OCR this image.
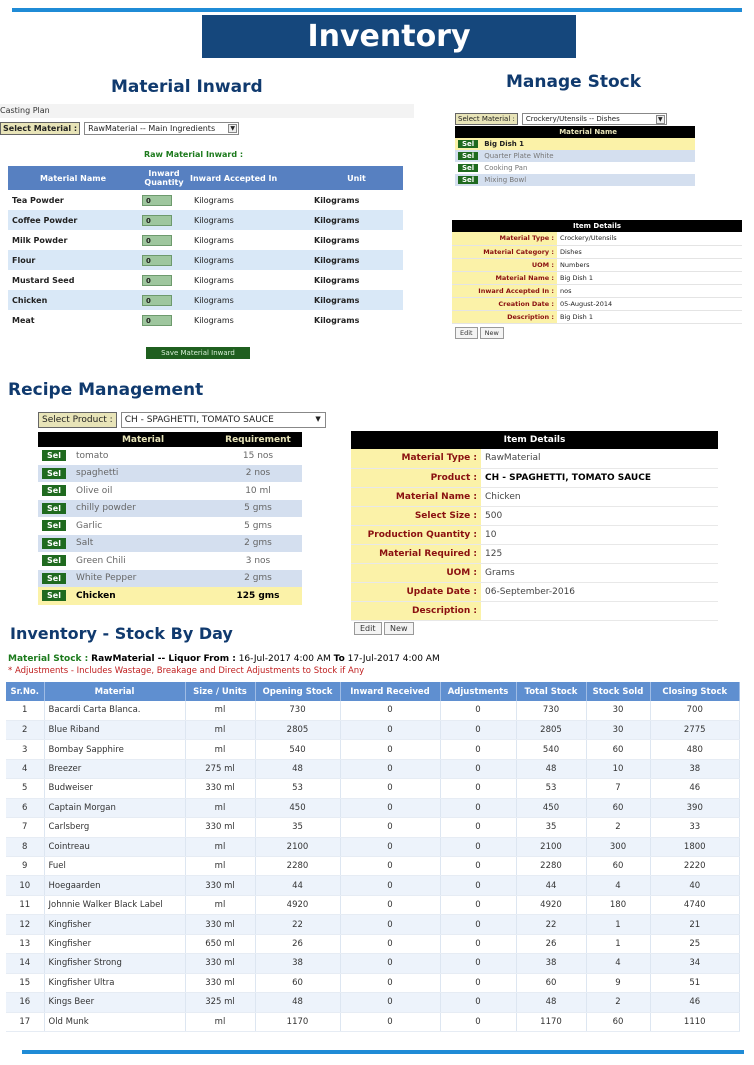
Inventory Management
Material Inward
Casting Plan
Select Material : RawMaterial -- Main Ingredients	▼
Raw Material Inward :
Material Name	Inward Quantity	Inward Accepted In	Unit
Tea Powder	0	Kilograms	Kilograms
Coffee Powder	0	Kilograms	Kilograms
Milk Powder	0	Kilograms	Kilograms
Flour	0	Kilograms	Kilograms
Mustard Seed	0	Kilograms	Kilograms
Chicken	0	Kilograms	Kilograms
Meat	0	Kilograms	Kilograms
Save Material Inward
Manage Stock
Select Material : Crockery/Utensils -- Dishes	▼
	Material Name
Sel	Big Dish 1
Sel	Quarter Plate White
Sel	Cooking Pan
Sel	Mixing Bowl
Item Details	
Material Type :	Crockery/Utensils
Material Category :	Dishes
UOM :	Numbers
Material Name :	Big Dish 1
Inward Accepted In :	nos
Creation Date :	05-August-2014
Description :	Big Dish 1
Edit New	
Recipe Management
Select Product : CH - SPAGHETTI, TOMATO SAUCE	▼
	Material	Requirement
Sel	tomato	15 nos
Sel	spaghetti	2 nos
Sel	Olive oil	10 ml
Sel	chilly powder	5 gms
Sel	Garlic	5 gms
Sel	Salt	2 gms
Sel	Green Chili	3 nos
Sel	White Pepper	2 gms
Sel	Chicken	125 gms
Item Details	
Material Type :	RawMaterial
Product :	CH - SPAGHETTI, TOMATO SAUCE
Material Name :	Chicken
Select Size :	500
Production Quantity :	10
Material Required :	125
UOM :	Grams
Update Date :	06-September-2016
Description :	
Edit New
Inventory - Stock By Day
Material Stock : RawMaterial -- Liquor From : 16-Jul-2017 4:00 AM To 17-Jul-2017 4:00 AM
* Adjustments - Includes Wastage, Breakage and Direct Adjustments to Stock if Any
Sr.No.	Material	Size / Units	Opening Stock	Inward Received	Adjustments	Total Stock	Stock Sold	Closing Stock
1	Bacardi Carta Blanca.	ml	730	0	0	730	30	700
2	Blue Riband	ml	2805	0	0	2805	30	2775
3	Bombay Sapphire	ml	540	0	0	540	60	480
4	Breezer	275 ml	48	0	0	48	10	38
5	Budweiser	330 ml	53	0	0	53	7	46
6	Captain Morgan	ml	450	0	0	450	60	390
7	Carlsberg	330 ml	35	0	0	35	2	33
8	Cointreau	ml	2100	0	0	2100	300	1800
9	Fuel	ml	2280	0	0	2280	60	2220
10	Hoegaarden	330 ml	44	0	0	44	4	40
11	Johnnie Walker Black Label	ml	4920	0	0	4920	180	4740
12	Kingfisher	330 ml	22	0	0	22	1	21
13	Kingfisher	650 ml	26	0	0	26	1	25
14	Kingfisher Strong	330 ml	38	0	0	38	4	34
15	Kingfisher Ultra	330 ml	60	0	0	60	9	51
16	Kings Beer	325 ml	48	0	0	48	2	46
17	Old Munk	ml	1170	0	0	1170	60	1110
